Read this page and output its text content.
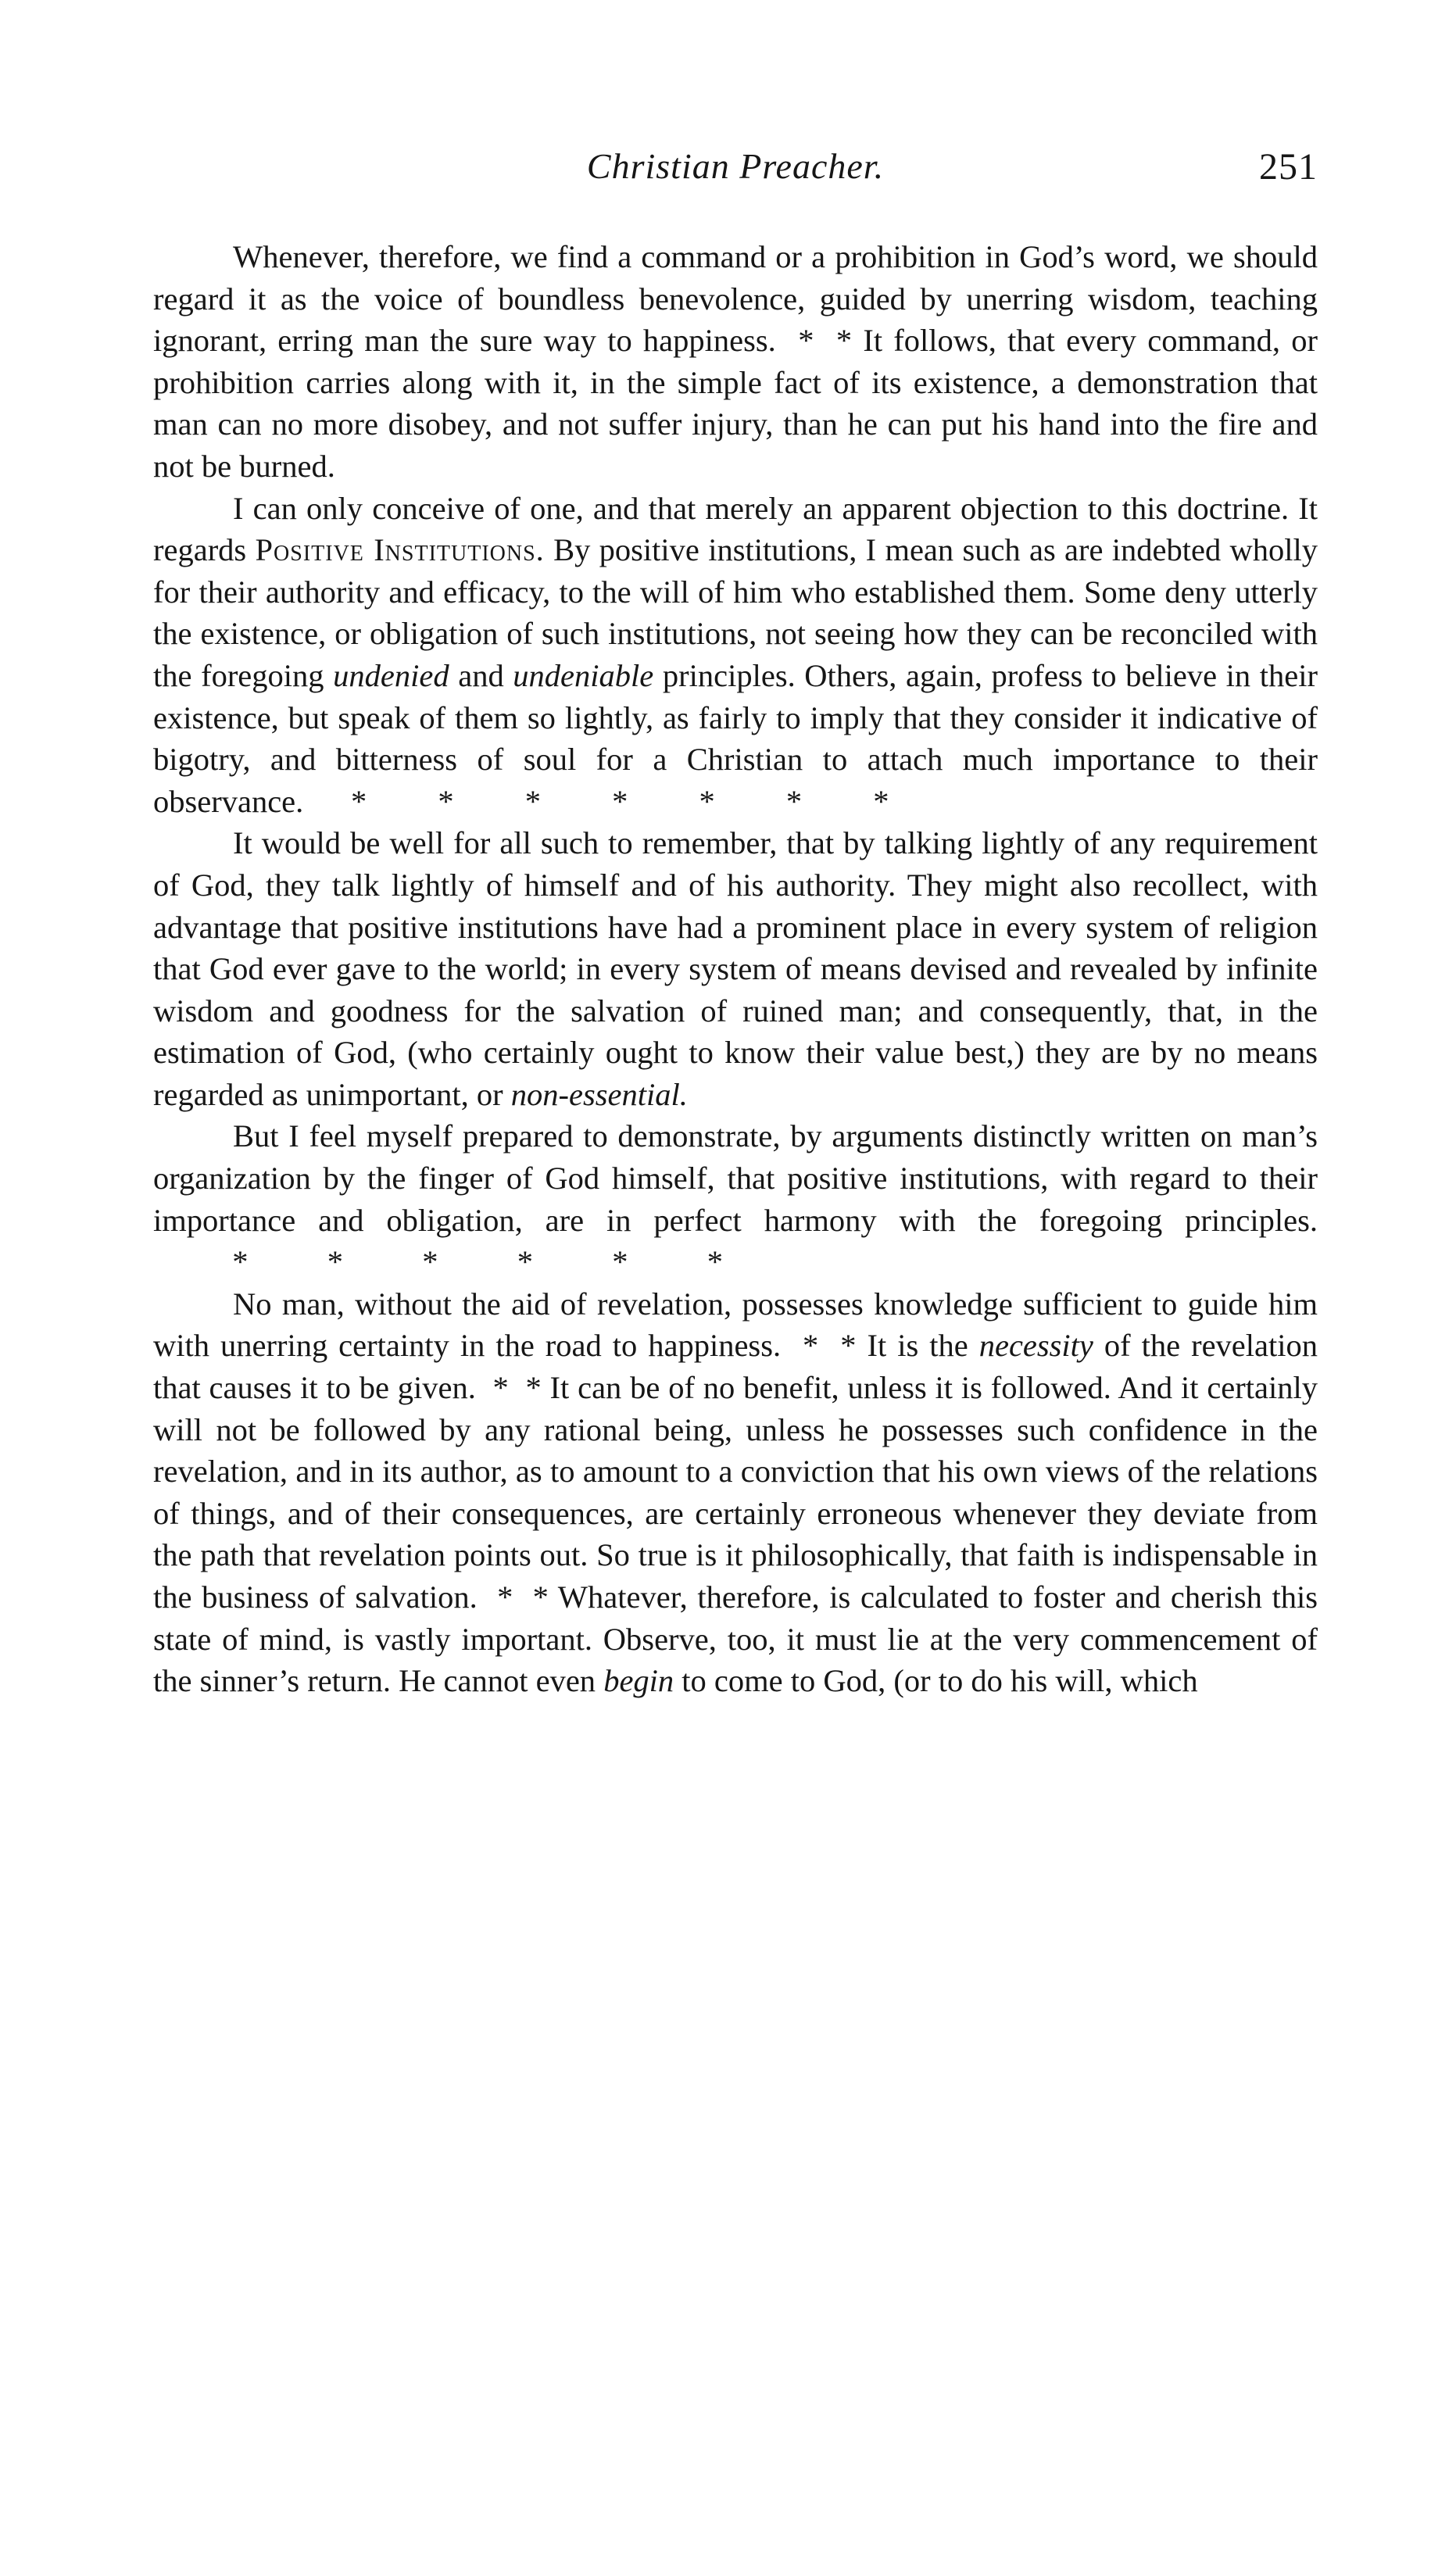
Christian Preacher.	251

Whenever, therefore, we find a command or a prohibition in God’s word, we should regard it as the voice of boundless benevolence, guided by unerring wisdom, teaching ignorant, erring man the sure way to happiness.  *  * It follows, that every command, or prohibition carries along with it, in the simple fact of its existence, a demonstration that man can no more disobey, and not suffer injury, than he can put his hand into the fire and not be burned.

I can only conceive of one, and that merely an apparent objection to this doctrine. It regards Positive Institutions. By positive institutions, I mean such as are indebted wholly for their authority and efficacy, to the will of him who established them. Some deny utterly the existence, or obligation of such institutions, not seeing how they can be reconciled with the foregoing undenied and undeniable principles. Others, again, profess to believe in their existence, but speak of them so lightly, as fairly to imply that they consider it indicative of bigotry, and bitterness of soul for a Christian to attach much importance to their observance.      *         *         *         *         *         *         *

It would be well for all such to remember, that by talking lightly of any requirement of God, they talk lightly of himself and of his authority. They might also recollect, with advantage that positive institutions have had a prominent place in every system of religion that God ever gave to the world; in every system of means devised and revealed by infinite wisdom and goodness for the salvation of ruined man; and consequently, that, in the estimation of God, (who certainly ought to know their value best,) they are by no means regarded as unimportant, or non-essential.

But I feel myself prepared to demonstrate, by arguments distinctly written on man’s organization by the finger of God himself, that positive institutions, with regard to their importance and obligation, are in perfect harmony with the foregoing principles.           *          *          *          *          *          *

No man, without the aid of revelation, possesses knowledge sufficient to guide him with unerring certainty in the road to happiness.  *  * It is the necessity of the revelation that causes it to be given.  *  * It can be of no benefit, unless it is followed. And it certainly will not be followed by any rational being, unless he possesses such confidence in the revelation, and in its author, as to amount to a conviction that his own views of the relations of things, and of their consequences, are certainly erroneous whenever they deviate from the path that revelation points out. So true is it philosophically, that faith is indispensable in the business of salvation.  *  * Whatever, therefore, is calculated to foster and cherish this state of mind, is vastly important. Observe, too, it must lie at the very commencement of the sinner’s return. He cannot even begin to come to God, (or to do his will, which
